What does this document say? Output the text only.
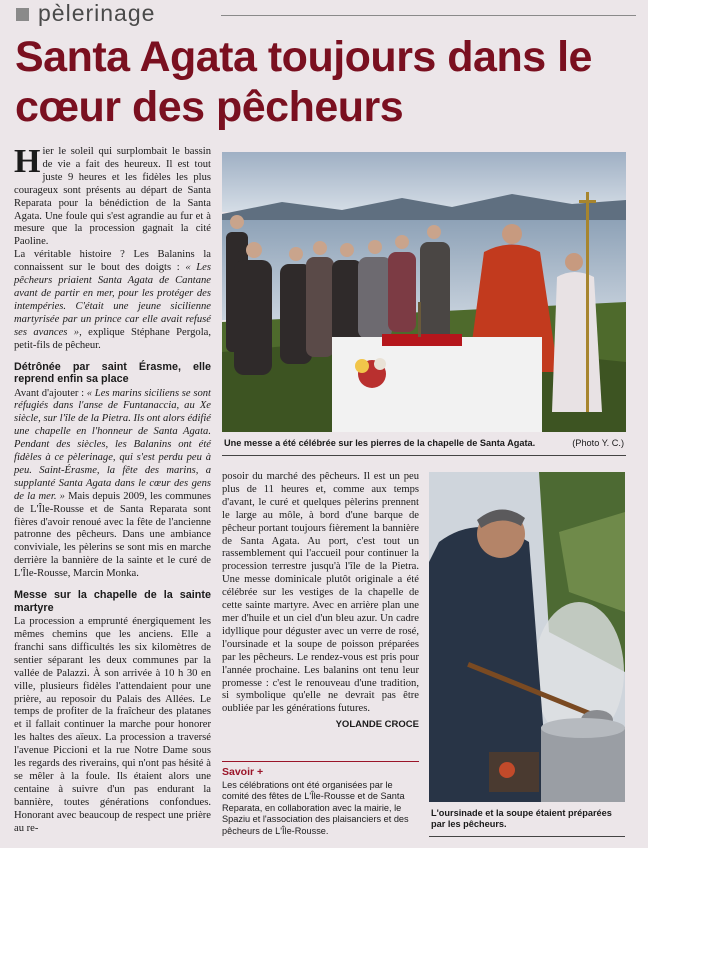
pèlerinage
Santa Agata toujours dans le cœur des pêcheurs

Hier le soleil qui surplombait le bassin de vie a fait des heureux. Il est tout juste 9 heures et les fidèles les plus courageux sont présents au départ de Santa Reparata pour la bénédiction de la Santa Agata. Une foule qui s'est agrandie au fur et à mesure que la procession gagnait la cité Paoline.

La véritable histoire ? Les Balanins la connaissent sur le bout des doigts : « Les pêcheurs priaient Santa Agata de Cantane avant de partir en mer, pour les protéger des intempéries. C'était une jeune sicilienne martyrisée par un prince car elle avait refusé ses avances », explique Stéphane Pergola, petit-fils de pêcheur.

Détrônée par saint Érasme, elle reprend enfin sa place

Avant d'ajouter : « Les marins siciliens se sont réfugiés dans l'anse de Funtanaccia, au Xe siècle, sur l'île de la Pietra. Ils ont alors édifié une chapelle en l'honneur de Santa Agata. Pendant des siècles, les Balanins ont été fidèles à ce pèlerinage, qui s'est perdu peu à peu. Saint-Érasme, la fête des marins, a supplanté Santa Agata dans le cœur des gens de la mer. » Mais depuis 2009, les communes de L'Île-Rousse et de Santa Reparata sont fières d'avoir renoué avec la fête de l'ancienne patronne des pêcheurs. Dans une ambiance conviviale, les pèlerins se sont mis en marche derrière la bannière de la sainte et le curé de L'Île-Rousse, Marcin Monka.

Messe sur la chapelle de la sainte martyre

La procession a emprunté énergiquement les mêmes chemins que les anciens. Elle a franchi sans difficultés les six kilomètres de sentier séparant les deux communes par la vallée de Palazzi. À son arrivée à 10 h 30 en ville, plusieurs fidèles l'attendaient pour une prière, au reposoir du Palais des Allées. Le temps de profiter de la fraîcheur des platanes et il fallait continuer la marche pour honorer les haltes des aïeux. La procession a traversé l'avenue Piccioni et la rue Notre Dame sous les regards des riverains, qui n'ont pas hésité à se mêler à la foule. Ils étaient alors une centaine à suivre d'un pas endurant la bannière, toutes générations confondues. Honorant avec beaucoup de respect une prière au re-

Une messe a été célébrée sur les pierres de la chapelle de Santa Agata.	(Photo Y. C.)

posoir du marché des pêcheurs. Il est un peu plus de 11 heures et, comme aux temps d'avant, le curé et quelques pèlerins prennent le large au môle, à bord d'une barque de pêcheur portant toujours fièrement la bannière de Santa Agata. Au port, c'est tout un rassemblement qui l'accueil pour continuer la procession terrestre jusqu'à l'île de la Pietra. Une messe dominicale plutôt originale a été célébrée sur les vestiges de la chapelle de cette sainte martyre. Avec en arrière plan une mer d'huile et un ciel d'un bleu azur. Un cadre idyllique pour déguster avec un verre de rosé, l'oursinade et la soupe de poisson préparées par les pêcheurs. Le rendez-vous est pris pour l'année prochaine. Les balanins ont tenu leur promesse : c'est le renouveau d'une tradition, si symbolique qu'elle ne devrait pas être oubliée par les générations futures.

YOLANDE CROCE
Savoir +
Les célébrations ont été organisées par le comité des fêtes de L'Île-Rousse et de Santa Reparata, en collaboration avec la mairie, le Spaziu et l'association des plaisanciers et des pêcheurs de L'Île-Rousse.
L'oursinade et la soupe étaient préparées par les pêcheurs.
